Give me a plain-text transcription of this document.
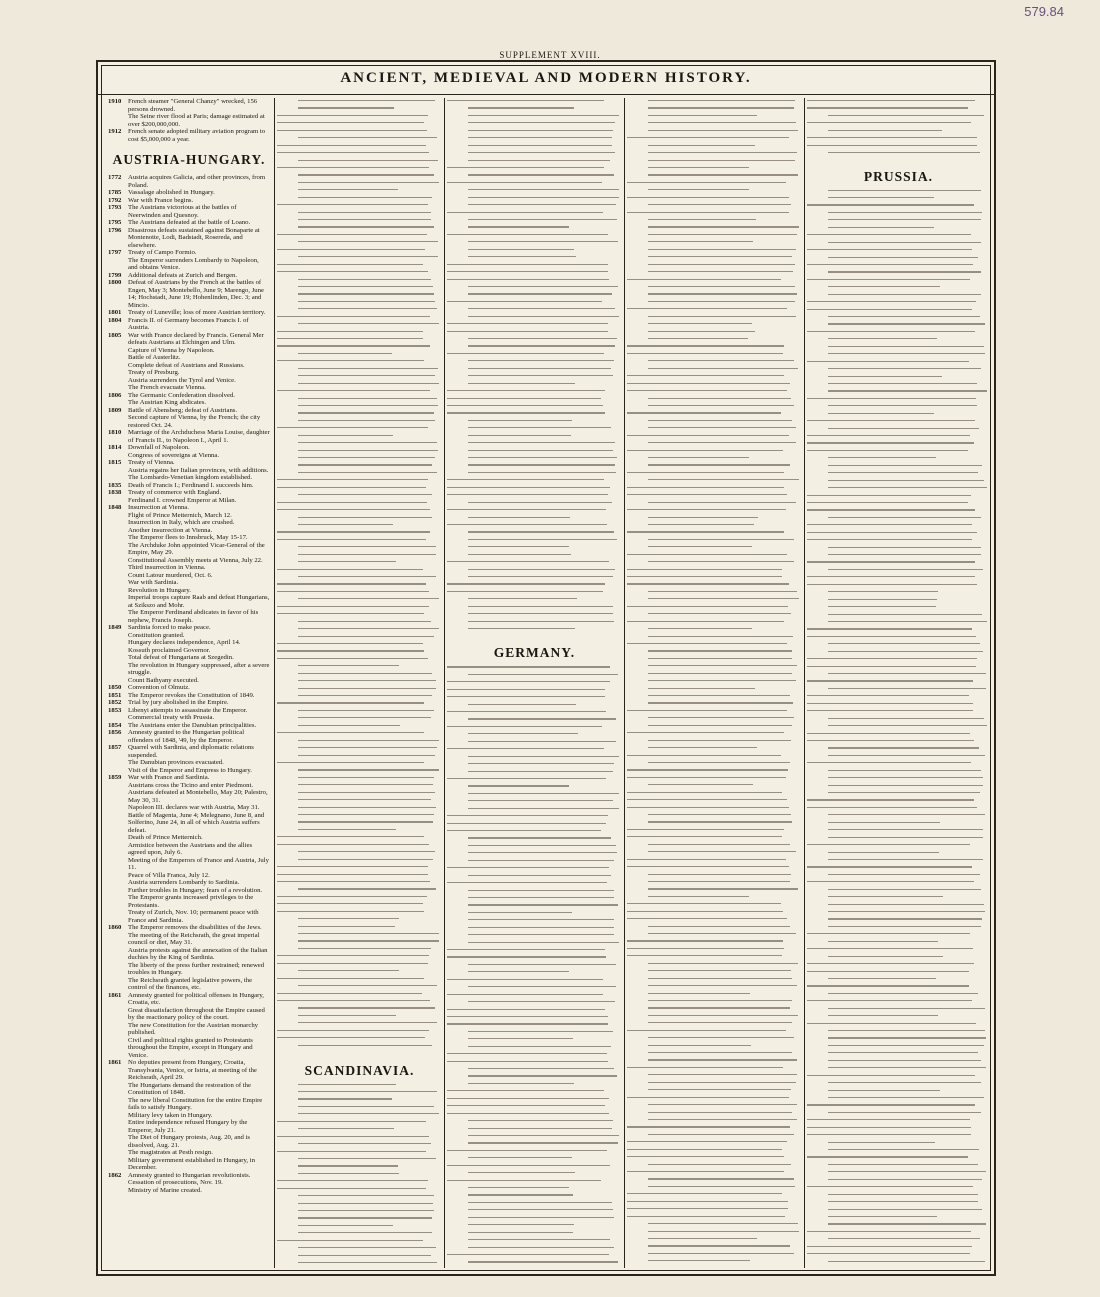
579.84
SUPPLEMENT XVIII.
ANCIENT, MEDIEVAL AND MODERN HISTORY.
1910 French steamer "General Chanzy" wrecked, 156 persons drowned.
The Seine river flood at Paris; damage estimated at over $200,000,000.
1912 French senate adopted military aviation program to cost $5,000,000 a year.
AUSTRIA-HUNGARY.
1772 Austria acquires Galicia, and other provinces, from Poland.
1785 Vassalage abolished in Hungary.
1792 War with France begins.
1793 The Austrians victorious at the battles of Neerwinden and Quesnoy.
1795 The Austrians defeated at the battle of Loano.
1796 Disastrous defeats sustained against Bonaparte at Montenotte, Lodi, Badstadt, Rosereda, and elsewhere.
1797 Treaty of Campo Formio.
The Emperor surrenders Lombardy to Napoleon, and obtains Venice.
1799 Additional defeats at Zurich and Bergen.
1800 Defeat of Austrians by the French at the battles of Engen, May 3; Montebello, June 9; Marengo, June 14; Hochstadt, June 19; Hohenlinden, Dec. 3; and Mincio.
1801 Treaty of Luneville; loss of more Austrian territory.
1804 Francis II. of Germany becomes Francis I. of Austria.
1805 War with France declared by Francis. General Mer defeats Austrians at Elchingen and Ulm.
Capture of Vienna by Napoleon.
Battle of Austerlitz.
Complete defeat of Austrians and Russians.
Treaty of Presburg.
Austria surrenders the Tyrol and Venice.
The French evacuate Vienna.
1806 The Germanic Confederation dissolved.
The Austrian King abdicates.
1809 Battle of Abensberg; defeat of Austrians.
Second capture of Vienna, by the French; the city restored Oct. 24.
1810 Marriage of the Archduchess Maria Louise, daughter of Francis II., to Napoleon I., April 1.
1814 Downfall of Napoleon.
Congress of sovereigns at Vienna.
1815 Treaty of Vienna.
Austria regains her Italian provinces, with additions.
The Lombardo-Venetian kingdom established.
1835 Death of Francis I.; Ferdinand I. succeeds him.
1838 Treaty of commerce with England.
Ferdinand I. crowned Emperor at Milan.
1848 Insurrection at Vienna.
Flight of Prince Metternich, March 12.
Insurrection in Italy, which are crushed.
Another insurrection at Vienna.
The Emperor flees to Innsbruck, May 15-17.
The Archduke John appointed Vicar-General of the Empire, May 29.
Constitutional Assembly meets at Vienna, July 22.
Third insurrection in Vienna.
Count Latour murdered, Oct. 6.
War with Sardinia.
Revolution in Hungary.
Imperial troops capture Raab and defeat Hungarians, at Szikszo and Mohr.
The Emperor Ferdinand abdicates in favor of his nephew, Francis Joseph.
1849 Sardinia forced to make peace.
Constitution granted.
Hungary declares independence, April 14.
Kossuth proclaimed Governor.
Total defeat of Hungarians at Szegedin.
The revolution in Hungary suppressed, after a severe struggle.
Count Bathyany executed.
1850 Convention of Olmutz.
1851 The Emperor revokes the Constitution of 1849.
1852 Trial by jury abolished in the Empire.
1853 Libenyi attempts to assassinate the Emperor.
Commercial treaty with Prussia.
1854 The Austrians enter the Danubian principalities.
1856 Amnesty granted to the Hungarian political offenders of 1848, '49, by the Emperor.
1857 Quarrel with Sardinia, and diplomatic relations suspended.
The Danubian provinces evacuated.
Visit of the Emperor and Empress to Hungary.
1859 War with France and Sardinia.
Austrians cross the Ticino and enter Piedmont.
Austrians defeated at Montebello, May 20; Palestro, May 30, 31.
Napoleon III. declares war with Austria, May 31.
Battle of Magenta, June 4; Melegnano, June 8, and Solferino, June 24, in all of which Austria suffers defeat.
Death of Prince Metternich.
Armistice between the Austrians and the allies agreed upon, July 6.
Meeting of the Emperors of France and Austria, July 11.
Peace of Villa Franca, July 12.
Austria surrenders Lombardy to Sardinia.
Further troubles in Hungary; fears of a revolution.
The Emperor grants increased privileges to the Protestants.
Treaty of Zurich, Nov. 10; permanent peace with France and Sardinia.
1860 The Emperor removes the disabilities of the Jews.
The meeting of the Reichsrath, the great imperial council or diet, May 31.
Austria protests against the annexation of the Italian duchies by the King of Sardinia.
The liberty of the press further restrained; renewed troubles in Hungary.
The Reichsrath granted legislative powers, the control of the finances, etc.
1861 Amnesty granted for political offenses in Hungary, Croatia, etc.
Great dissatisfaction throughout the Empire caused by the reactionary policy of the court.
The new Constitution for the Austrian monarchy published.
Civil and political rights granted to Protestants throughout the Empire, except in Hungary and Venice.
1861 No deputies present from Hungary, Croatia, Transylvania, Venice, or Istria, at meeting of the Reichsrath, April 29.
The Hungarians demand the restoration of the Constitution of 1848.
The new liberal Constitution for the entire Empire fails to satisfy Hungary.
Military levy taken in Hungary.
Entire independence refused Hungary by the Emperor, July 21.
The Diet of Hungary protests, Aug. 20, and is dissolved, Aug. 21.
The magistrates at Pesth resign.
Military government established in Hungary, in December.
1862 Amnesty granted to Hungarian revolutionists.
Cessation of prosecutions, Nov. 19.
Ministry of Marine created.
SCANDINAVIA.
GERMANY.
PRUSSIA.
